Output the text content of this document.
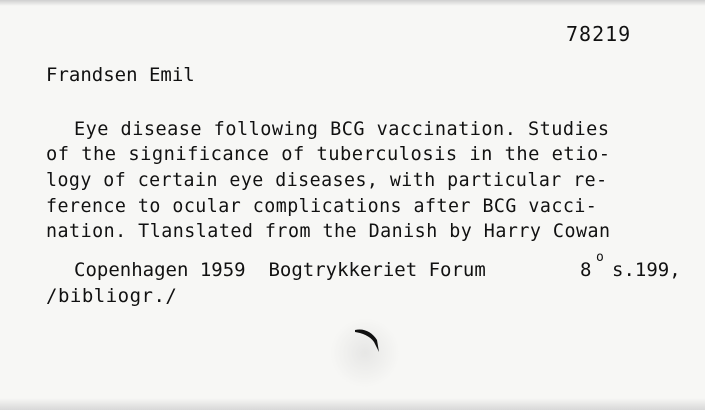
78219
Frandsen Emil
Eye disease following BCG vaccination. Studies
of the significance of tuberculosis in the etio-
logy of certain eye diseases, with particular re-
ference to ocular complications after BCG vacci-
nation. Tlanslated from the Danish by Harry Cowan
Copenhagen 1959  Bogtrykkeriet Forum	8
o
s.199,
/bibliogr./
